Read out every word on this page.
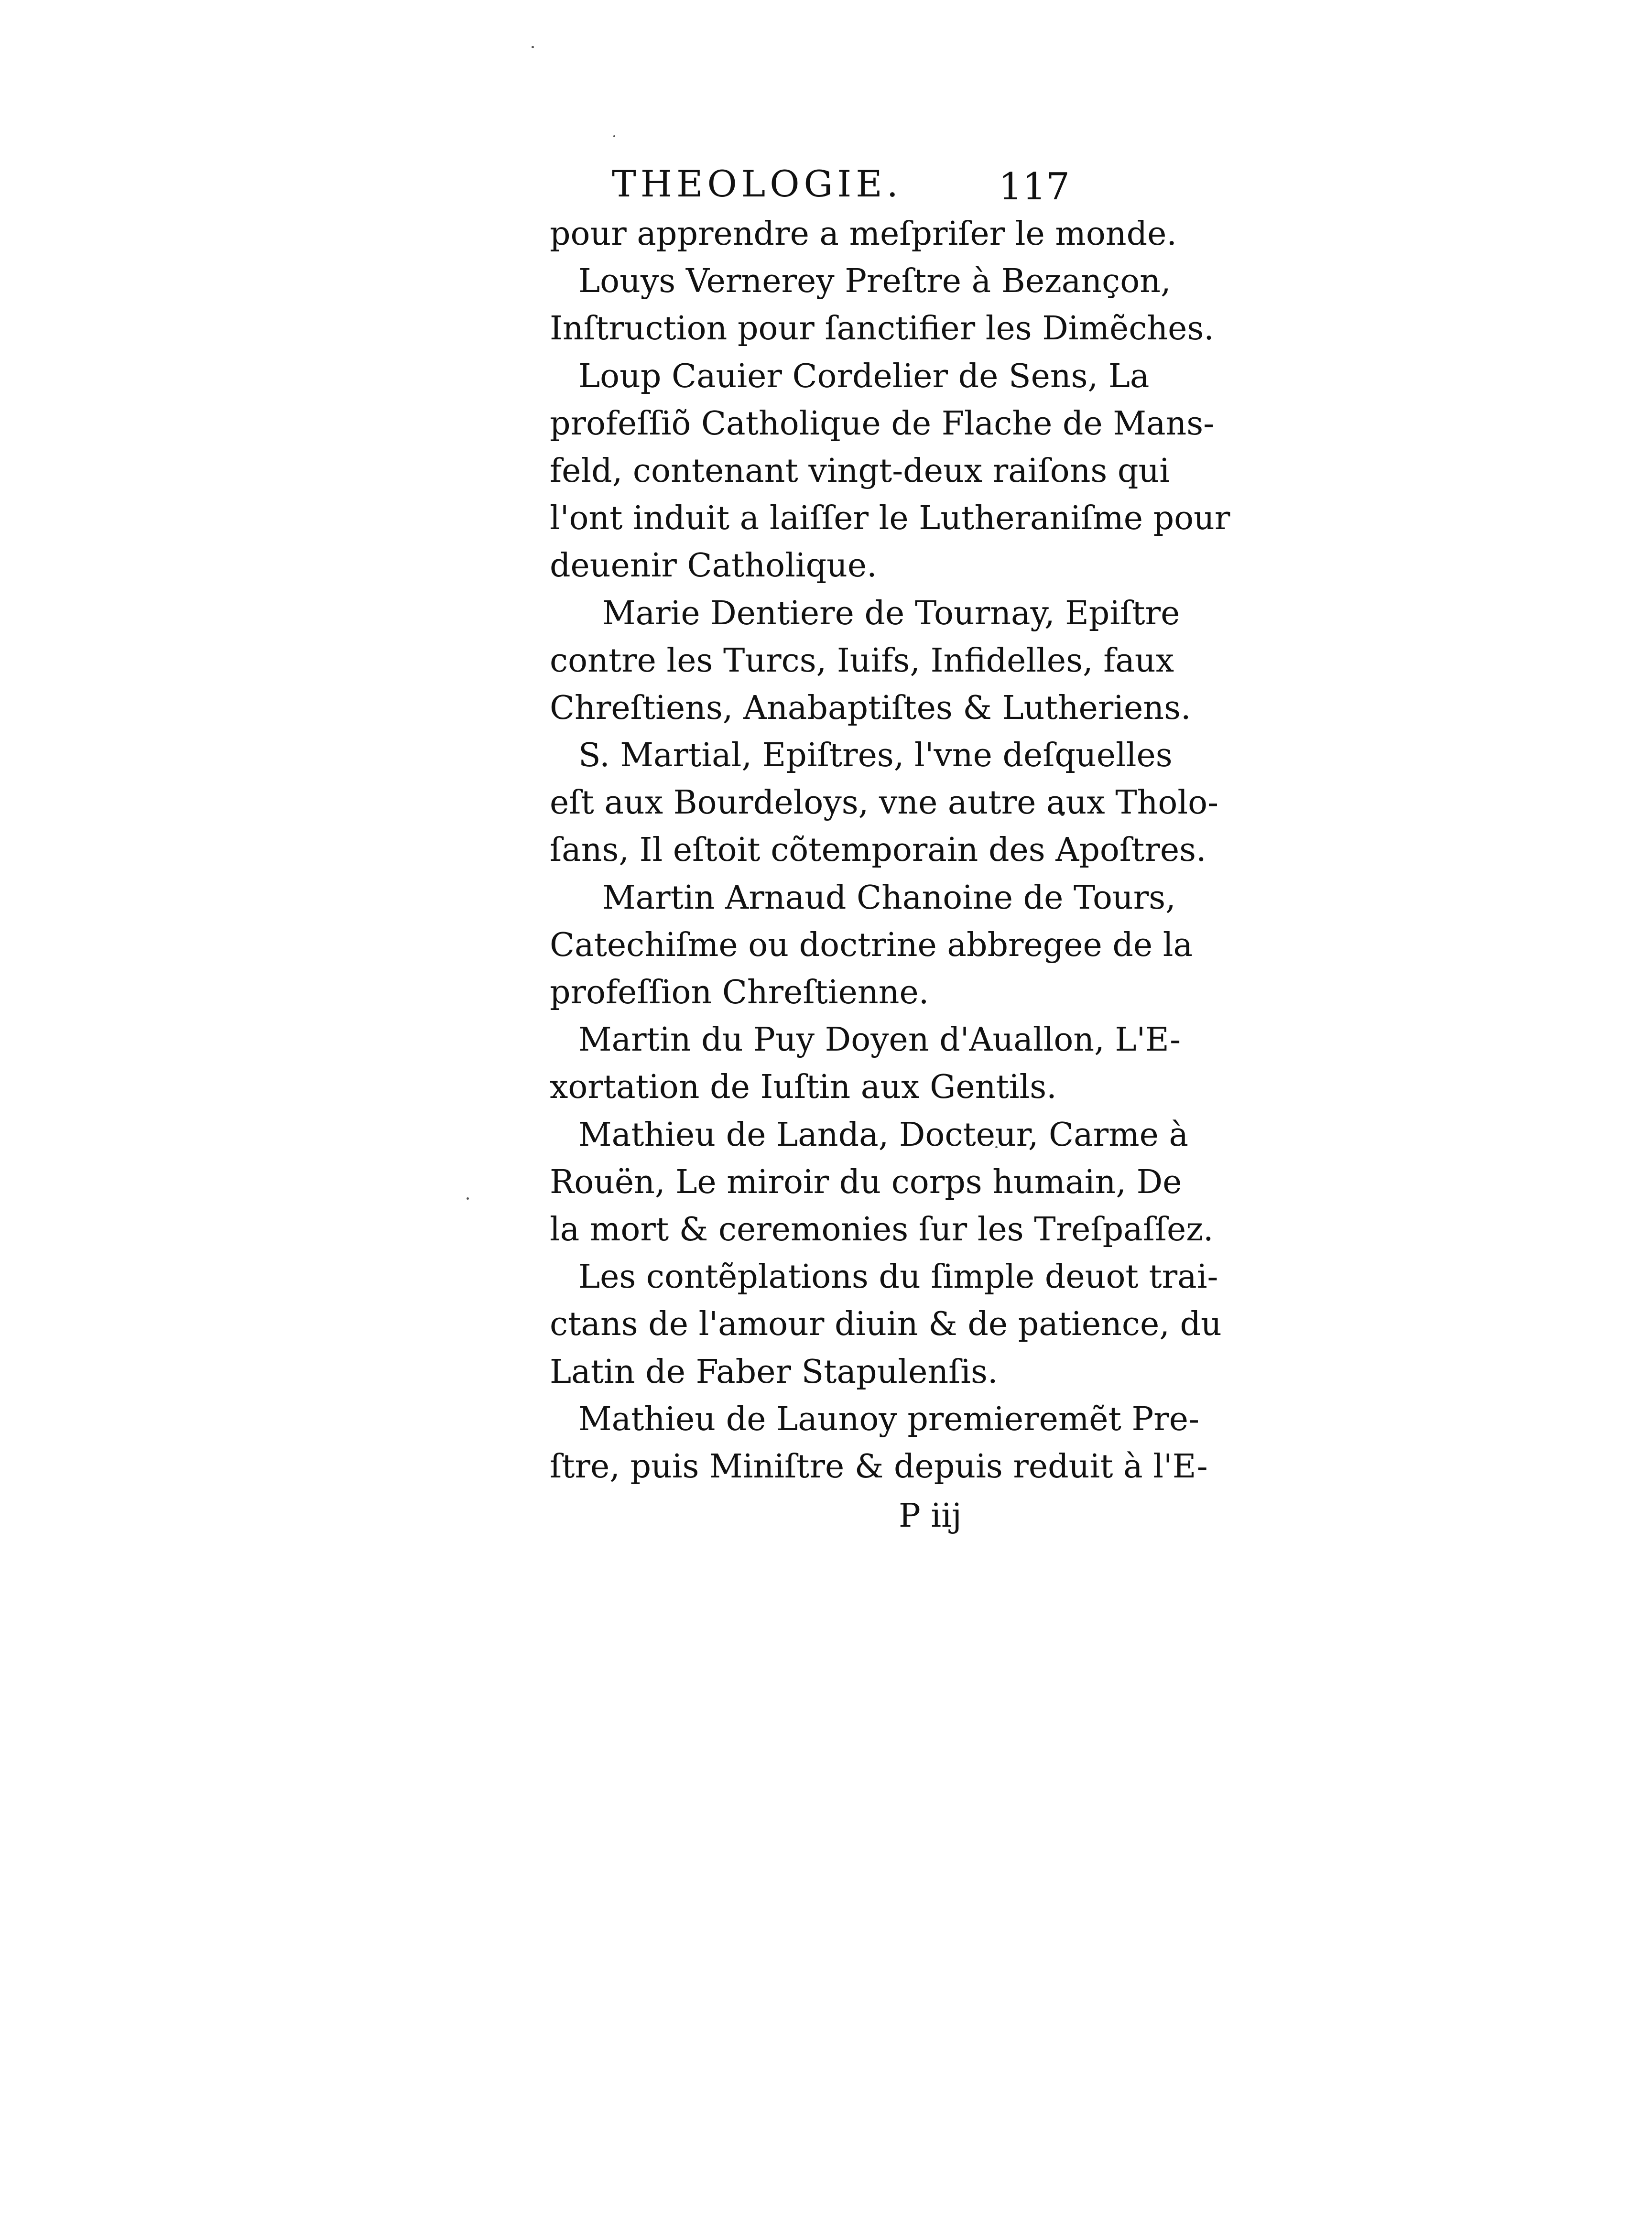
THEOLOGIE.	117
pour apprendre a meſpriſer le monde.
Louys Vernerey Preſtre à Bezançon,
Inſtruction pour ſanctifier les Dimẽches.
Loup Cauier Cordelier de Sens, La
profeſſiõ Catholique de Flache de Mans-
feld, contenant vingt-deux raiſons qui
l'ont induit a laiſſer le Lutheraniſme pour
deuenir Catholique.
Marie Dentiere de Tournay, Epiſtre
contre les Turcs, Iuifs, Infidelles, faux
Chreſtiens, Anabaptiſtes & Lutheriens.
S. Martial, Epiſtres, l'vne deſquelles
eſt aux Bourdeloys, vne autre aux Tholo-
ſans, Il eſtoit cõtemporain des Apoſtres.
Martin Arnaud Chanoine de Tours,
Catechiſme ou doctrine abbregee de la
profeſſion Chreſtienne.
Martin du Puy Doyen d'Auallon, L'E-
xortation de Iuſtin aux Gentils.
Mathieu de Landa, Docteur, Carme à
Rouën, Le miroir du corps humain, De
la mort & ceremonies ſur les Treſpaſſez.
Les contẽplations du ſimple deuot trai-
ctans de l'amour diuin & de patience, du
Latin de Faber Stapulenſis.
Mathieu de Launoy premieremẽt Pre-
ſtre, puis Miniſtre & depuis reduit à l'E-
P iij
